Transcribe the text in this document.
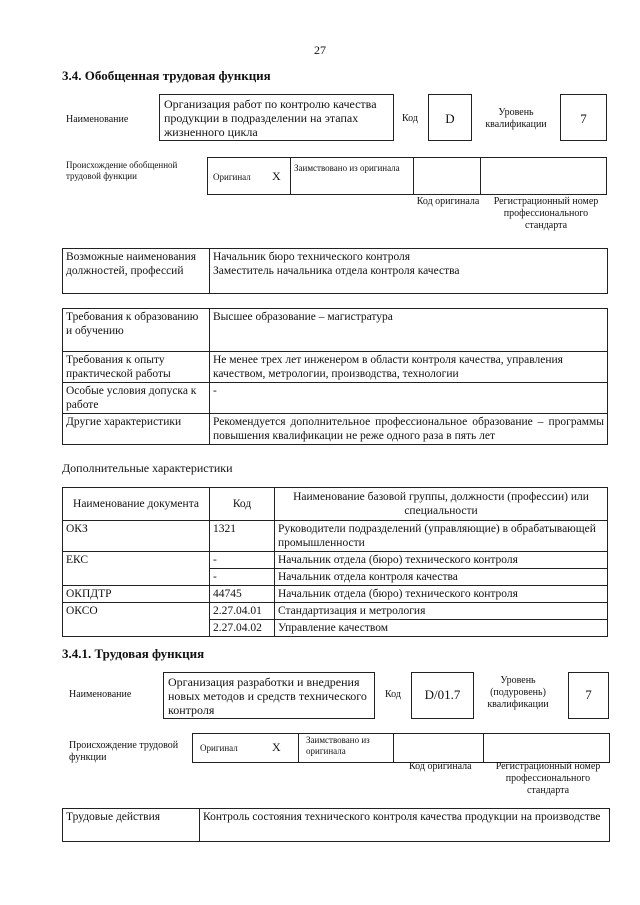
27
3.4. Обобщенная трудовая функция
Наименование
Организация работ по контролю качества продукции в подразделении на этапах жизненного цикла
Код	D	Уровень квалификации	7
Происхождение обобщенной трудовой функции	Оригинал X
Заимствовано из оригинала
Код оригинала	Регистрационный номер профессионального стандарта
Возможные наименования должностей, профессий	
Начальник бюро технического контроля
Заместитель начальника отдела контроля качества
Требования к образованию и обучению	Высшее образование – магистратура
Требования к опыту практической работы	Не менее трех лет инженером в области контроля качества, управления качеством, метрологии, производства, технологии
Особые условия допуска к работе	-
Другие характеристики	Рекомендуется дополнительное профессиональное образование – программы повышения квалификации не реже одного раза в пять лет
Дополнительные характеристики
Наименование документа	Код	Наименование базовой группы, должности (профессии) или специальности
ОКЗ	1321	Руководители подразделений (управляющие) в обрабатывающей промышленности
ЕКС	-	Начальник отдела (бюро) технического контроля
	-	Начальник отдела контроля качества
ОКПДТР	44745	Начальник отдела (бюро) технического контроля
ОКСО	2.27.04.01	Стандартизация и метрология
	2.27.04.02	Управление качеством
3.4.1. Трудовая функция
Наименование
Организация разработки и внедрения новых методов и средств технического контроля
Код	D/01.7
Уровень (подуровень) квалификации
7
Происхождение трудовой функции
Оригинал	X	Заимствовано из оригинала
Код оригинала	Регистрационный номер профессионального стандарта
Трудовые действия	Контроль состояния технического контроля качества продукции на производстве
